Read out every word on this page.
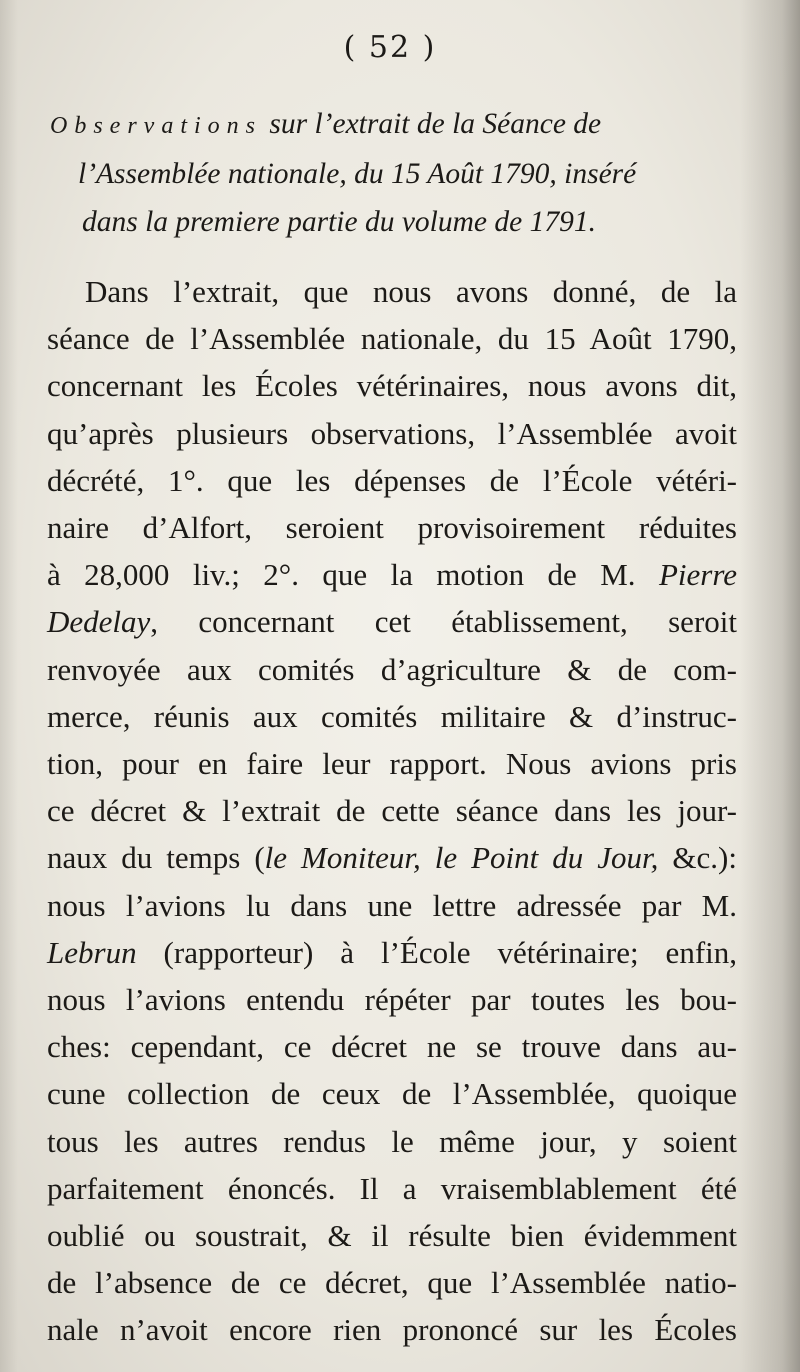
( 52 )
Observations sur l’extrait de la Séance de
l’Assemblée nationale, du 15 Août 1790, inséré
dans la premiere partie du volume de 1791.
Dans l’extrait, que nous avons donné, de la
séance de l’Assemblée nationale, du 15 Août 1790,
concernant les Écoles vétérinaires, nous avons dit,
qu’après plusieurs observations, l’Assemblée avoit
décrété, 1°. que les dépenses de l’École vétéri-
naire d’Alfort, seroient provisoirement réduites
à 28,000 liv.; 2°. que la motion de M. Pierre
Dedelay, concernant cet établissement, seroit
renvoyée aux comités d’agriculture & de com-
merce, réunis aux comités militaire & d’instruc-
tion, pour en faire leur rapport. Nous avions pris
ce décret & l’extrait de cette séance dans les jour-
naux du temps (le Moniteur, le Point du Jour, &c.):
nous l’avions lu dans une lettre adressée par M.
Lebrun (rapporteur) à l’École vétérinaire; enfin,
nous l’avions entendu répéter par toutes les bou-
ches: cependant, ce décret ne se trouve dans au-
cune collection de ceux de l’Assemblée, quoique
tous les autres rendus le même jour, y soient
parfaitement énoncés. Il a vraisemblablement été
oublié ou soustrait, & il résulte bien évidemment
de l’absence de ce décret, que l’Assemblée natio-
nale n’avoit encore rien prononcé sur les Écoles
